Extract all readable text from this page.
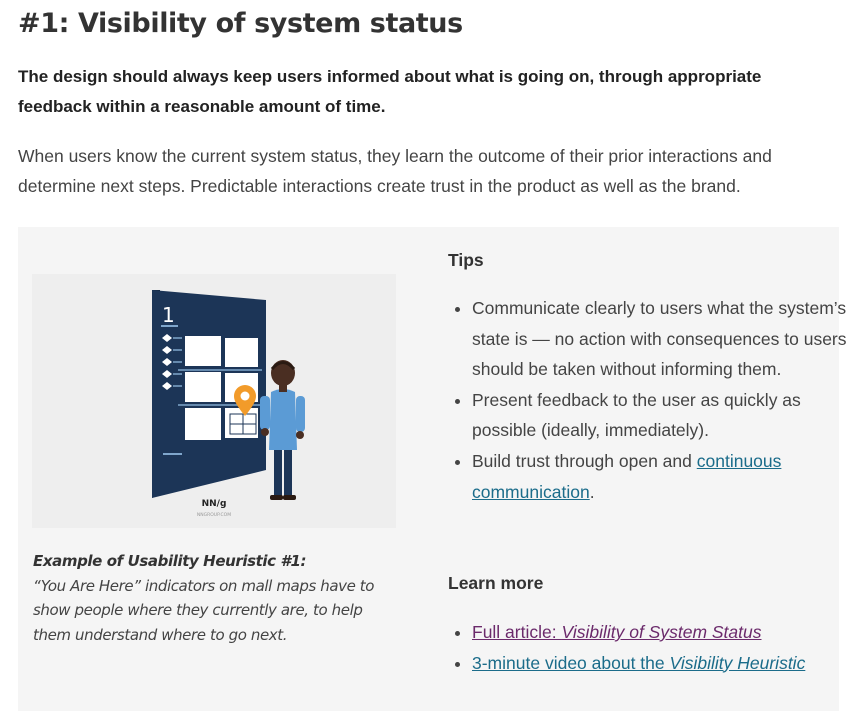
#1: Visibility of system status

The design should always keep users informed about what is going on, through appropriate feedback within a reasonable amount of time.

When users know the current system status, they learn the outcome of their prior interactions and determine next steps. Predictable interactions create trust in the product as well as the brand.

1
NN/g
NNGROUP.COM

Example of Usability Heuristic #1:
“You Are Here” indicators on mall maps have to show people where they currently are, to help them understand where to go next.

Tips
• Communicate clearly to users what the system’s state is — no action with consequences to users should be taken without informing them.
• Present feedback to the user as quickly as possible (ideally, immediately).
• Build trust through open and continuous communication.
Learn more
• Full article: Visibility of System Status
• 3-minute video about the Visibility Heuristic
